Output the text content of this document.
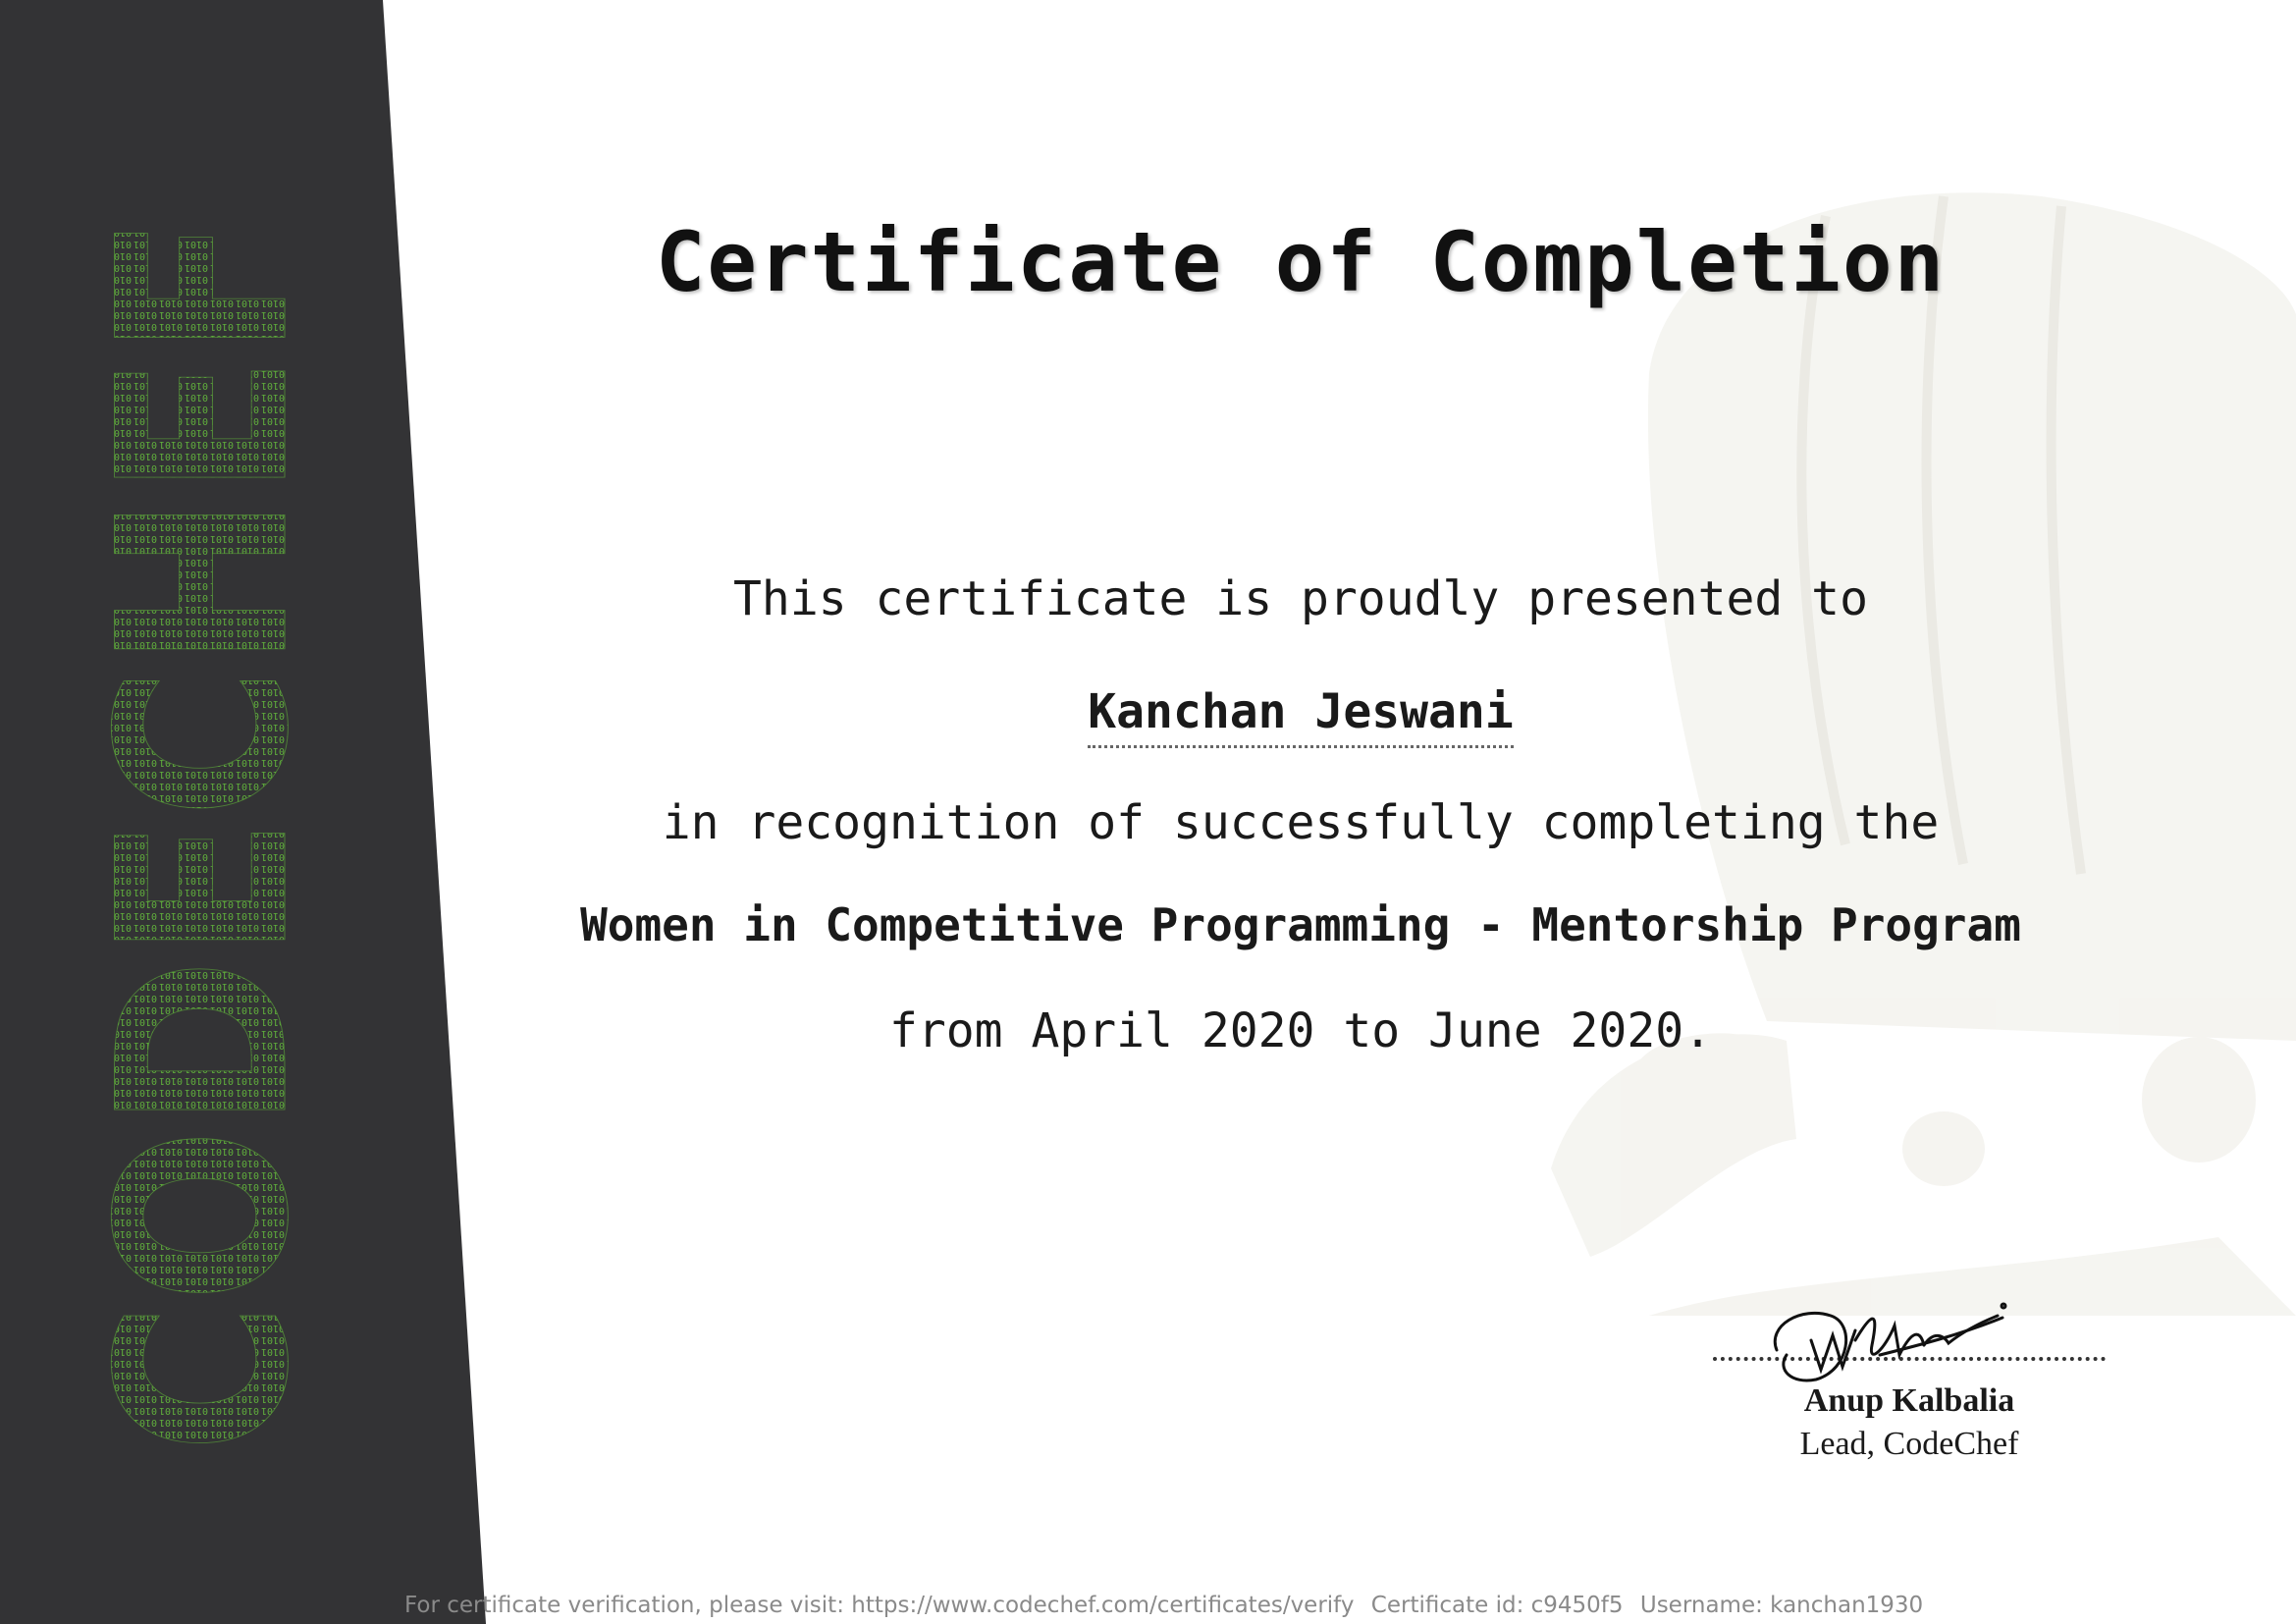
CODECHEF	Certificate of Completion
This certificate is proudly presented to
Kanchan Jeswani
in recognition of successfully completing the
Women in Competitive Programming - Mentorship Program
from April 2020 to June 2020.
Anup Kalbalia
Lead, CodeChef
For certificate verification, please visit: https://www.codechef.com/certificates/verify Certificate id: c9450f5 Username: kanchan1930
